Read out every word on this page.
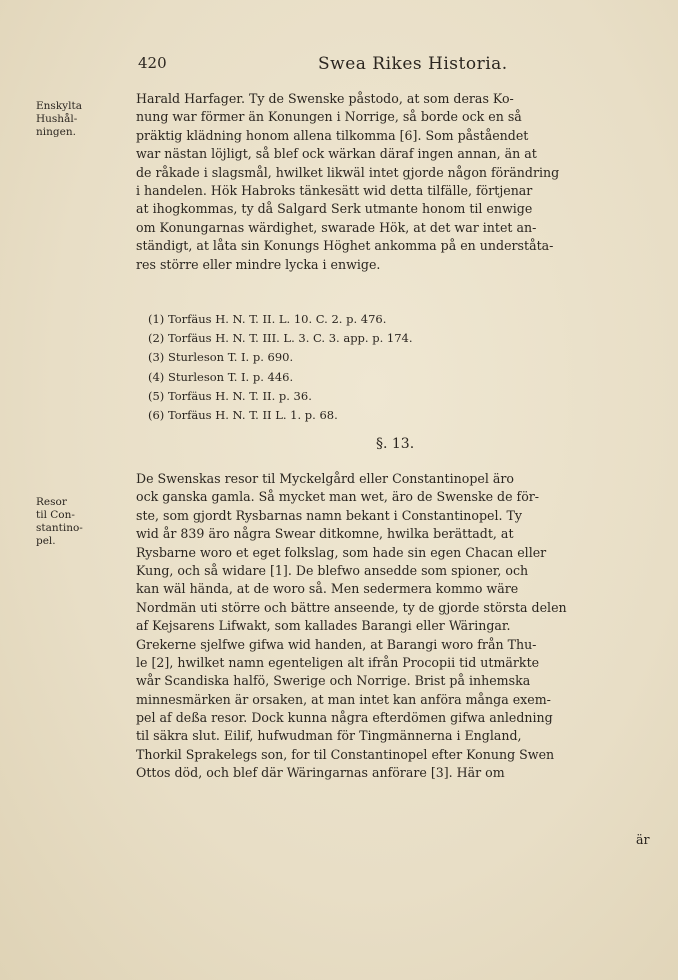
420	Swea Rikes Historia.
Enskylta
Hushål-
ningen.
Harald Harfager. Ty de Swenske påstodo, at som deras Ko-
nung war förmer än Konungen i Norrige, så borde ock en så
präktig klädning honom allena tilkomma [6]. Som påståendet
war nästan löjligt, så blef ock wärkan däraf ingen annan, än at
de råkade i slagsmål, hwilket likwäl intet gjorde någon förändring
i handelen. Hök Habroks tänkesätt wid detta tilfälle, förtjenar
at ihogkommas, ty då Salgard Serk utmante honom til enwige
om Konungarnas wärdighet, swarade Hök, at det war intet an-
ständigt, at låta sin Konungs Höghet ankomma på en underståta-
res större eller mindre lycka i enwige.
(1) Torfäus H. N. T. II. L. 10. C. 2. p. 476.
(2) Torfäus H. N. T. III. L. 3. C. 3. app. p. 174.
(3) Sturleson T. I. p. 690.
(4) Sturleson T. I. p. 446.
(5) Torfäus H. N. T. II. p. 36.
(6) Torfäus H. N. T. II L. 1. p. 68.
§. 13.
Resor
til Con-
stantino-
pel.
De Swenskas resor til Myckelgård eller Constantinopel äro
ock ganska gamla. Så mycket man wet, äro de Swenske de för-
ste, som gjordt Rysbarnas namn bekant i Constantinopel. Ty
wid år 839 äro några Swear ditkomne, hwilka berättadt, at
Rysbarne woro et eget folkslag, som hade sin egen Chacan eller
Kung, och så widare [1]. De blefwo ansedde som spioner, och
kan wäl hända, at de woro så. Men sedermera kommo wäre
Nordmän uti större och bättre anseende, ty de gjorde största delen
af Kejsarens Lifwakt, som kallades Barangi eller Wäringar.
Grekerne sjelfwe gifwa wid handen, at Barangi woro från Thu-
le [2], hwilket namn egenteligen alt ifrån Procopii tid utmärkte
wår Scandiska halfö, Swerige och Norrige. Brist på inhemska
minnesmärken är orsaken, at man intet kan anföra många exem-
pel af deßa resor. Dock kunna några efterdömen gifwa anledning
til säkra slut. Eilif, hufwudman för Tingmännerna i England,
Thorkil Sprakelegs son, for til Constantinopel efter Konung Swen
Ottos död, och blef där Wäringarnas anförare [3]. Här om
är
